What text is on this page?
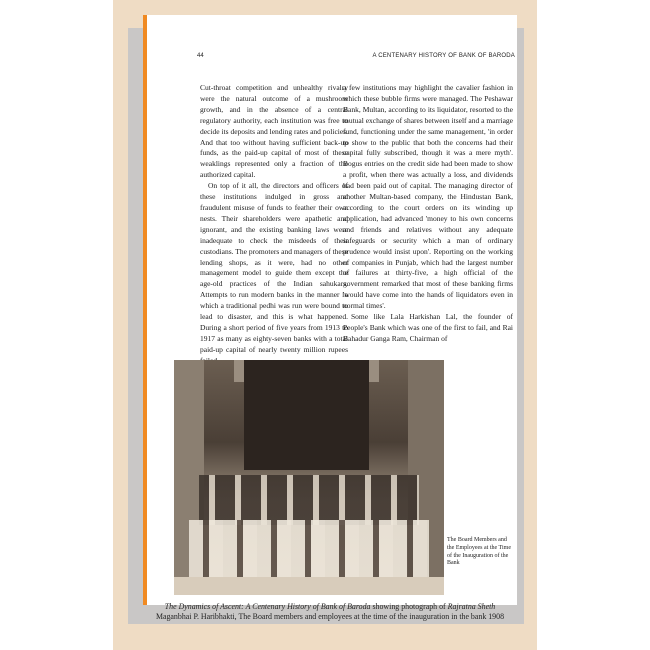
44	A CENTENARY HISTORY OF BANK OF BARODA

Cut-throat competition and unhealthy rivalry were the natural outcome of a mushroom growth, and in the absence of a central regulatory authority, each institution was free to decide its deposits and lending rates and policies. And that too without having sufficient back-up funds, as the paid-up capital of most of these weaklings represented only a fraction of the authorized capital.

On top of it all, the directors and officers of these institutions indulged in gross and fraudulent misuse of funds to feather their own nests. Their shareholders were apathetic and ignorant, and the existing banking laws were inadequate to check the misdeeds of their custodians. The promoters and managers of these lending shops, as it were, had no other management model to guide them except the age-old practices of the Indian sahukars. Attempts to run modern banks in the manner in which a traditional pedhi was run were bound to lead to disaster, and this is what happened. During a short period of five years from 1913 to 1917 as many as eighty-seven banks with a total paid-up capital of nearly twenty million rupees

a few institutions may highlight the cavalier fashion in which these bubble firms were managed. The Peshawar Bank, Multan, according to its liquidator, resorted to the mutual exchange of shares between itself and a marriage fund, functioning under the same management, 'in order to show to the public that both the concerns had their capital fully subscribed, though it was a mere myth'. Bogus entries on the credit side had been made to show a profit, when there was actually a loss, and dividends had been paid out of capital. The managing director of another Multan-based company, the Hindustan Bank, according to the court orders on its winding up application, had advanced 'money to his own concerns and friends and relatives without any adequate safeguards or security which a man of ordinary prudence would insist upon'. Reporting on the working of companies in Punjab, which had the largest number of failures at thirty-five, a high official of the government remarked that most of these banking firms 'would have come into the hands of liquidators even in normal times'.

Some like Lala Harkishan Lal, the founder of People's Bank which was one of the first to fail, and Rai Bahadur Ganga Ram, Chairman of

The Board Members and the Employees at the Time of the Inauguration of the Bank
The Dynamics of Ascent: A Centenary History of Bank of Baroda showing photograph of Rajratna Sheth
Maganbhai P. Haribhakti, The Board members and employees at the time of the inauguration in the bank 1908
